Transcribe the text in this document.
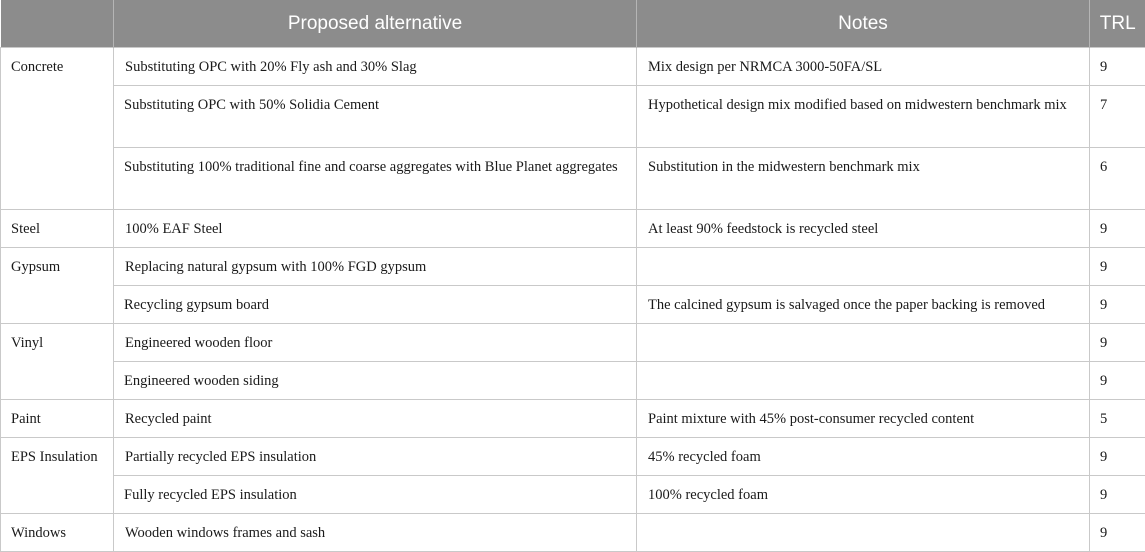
	Proposed alternative	Notes	TRL
Concrete	Substituting OPC with 20% Fly ash and 30% Slag	Mix design per NRMCA 3000-50FA/SL	9
	Substituting OPC with 50% Solidia Cement	Hypothetical design mix modified based on midwestern benchmark mix	7
	Substituting 100% traditional fine and coarse aggregates with Blue Planet aggregates	Substitution in the midwestern benchmark mix	6
Steel	100% EAF Steel	At least 90% feedstock is recycled steel	9
Gypsum	Replacing natural gypsum with 100% FGD gypsum		9
	Recycling gypsum board	The calcined gypsum is salvaged once the paper backing is removed	9
Vinyl	Engineered wooden floor		9
	Engineered wooden siding		9
Paint	Recycled paint	Paint mixture with 45% post-consumer recycled content	5
EPS Insulation	Partially recycled EPS insulation	45% recycled foam	9
	Fully recycled EPS insulation	100% recycled foam	9
Windows	Wooden windows frames and sash		9
